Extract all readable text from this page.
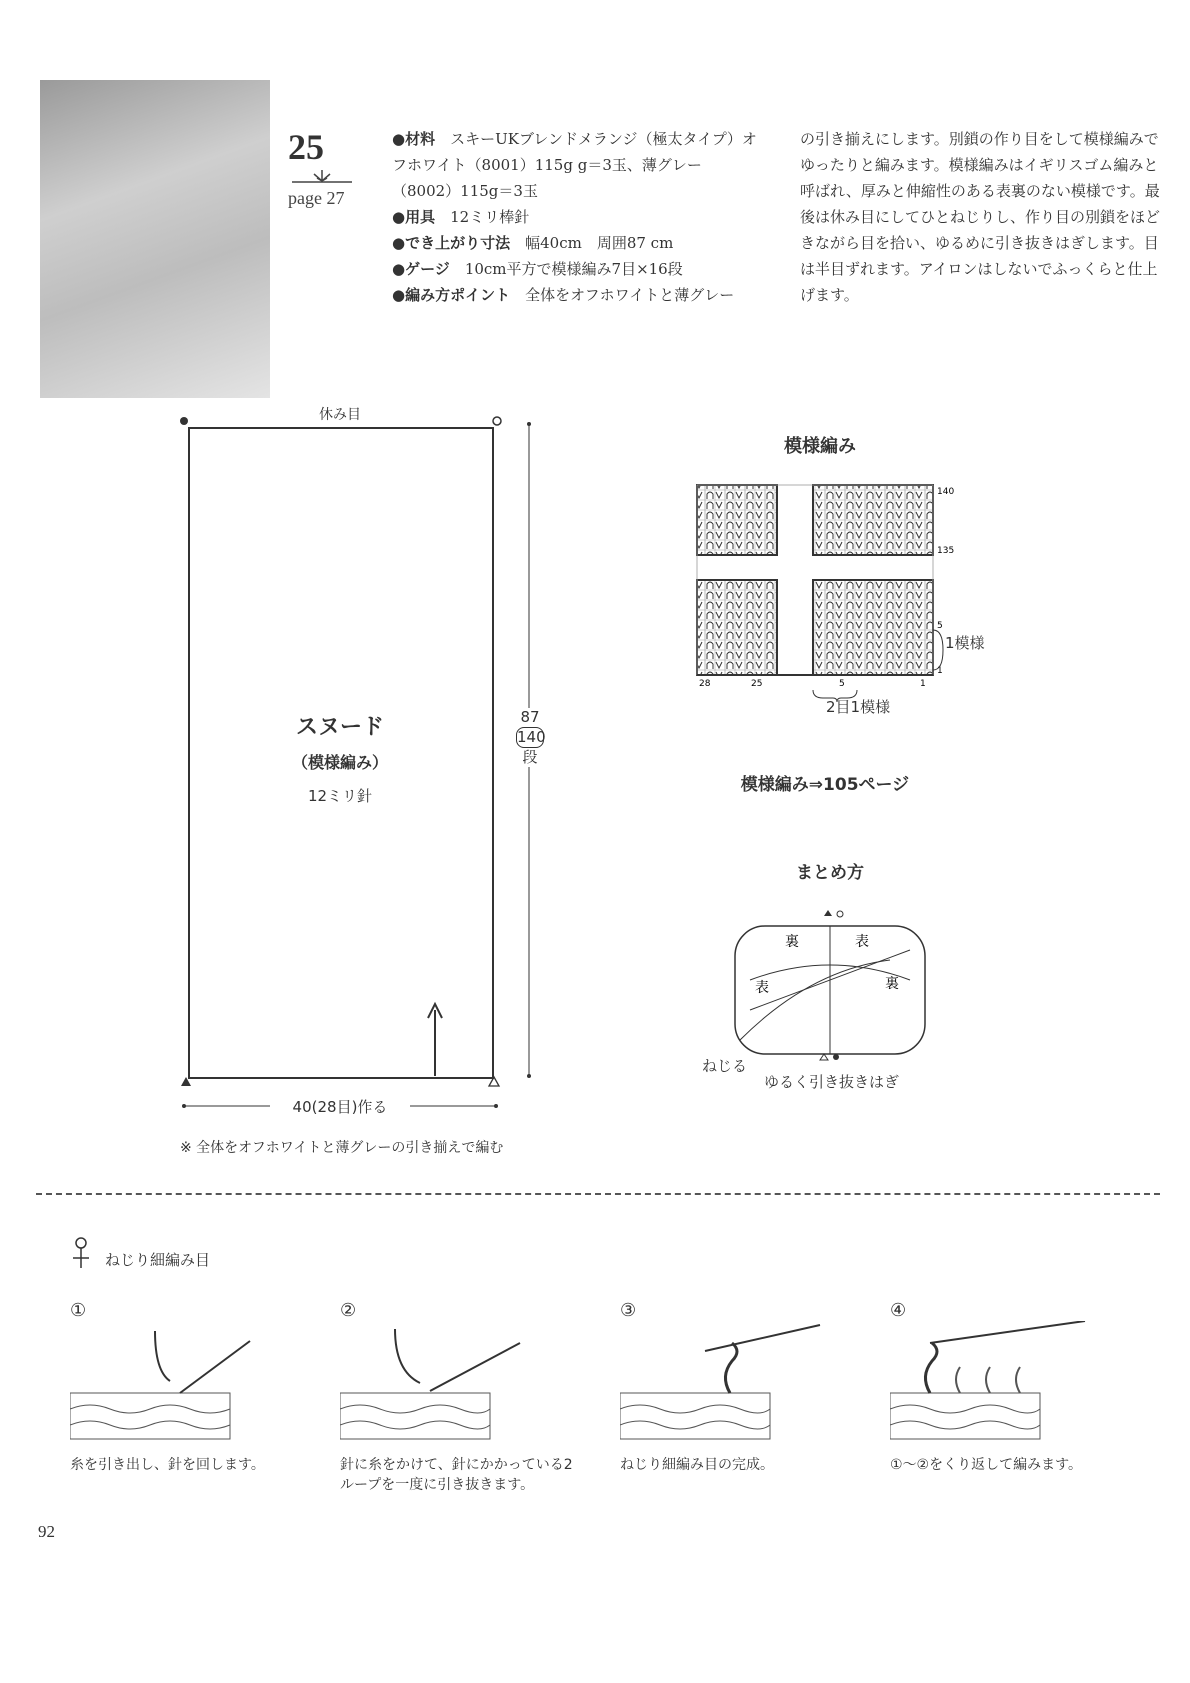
25
page 27

●材料　 スキーUKブレンドメランジ（極太タイプ）オフホワイト（8001）115g g＝3玉、薄グレー（8002）115g＝3玉

●用具　 12ミリ棒針

●でき上がり寸法　 幅40cm　周囲87 cm

●ゲージ　 10cm平方で模様編み7目×16段

●編み方ポイント　 全体をオフホワイトと薄グレー

の引き揃えにします。別鎖の作り目をして模様編みでゆったりと編みます。模様編みはイギリスゴム編みと呼ばれ、厚みと伸縮性のある表裏のない模様です。最後は休み目にしてひとねじりし、作り目の別鎖をほどきながら目を拾い、ゆるめに引き抜きはぎします。目は半目ずれます。アイロンはしないでふっくらと仕上げます。

休み目
スヌード
（模様編み）
12ミリ針
87
140
段
40(28目)作る
※ 全体をオフホワイトと薄グレーの引き揃えで編む
模様編み
140
135
5
1
28	25	5	1
1模様
2目1模様
模様編み⇒105ページ
まとめ方
裏	表
表	裏
ねじる
ゆるく引き抜きはぎ
ねじり細編み目
①
糸を引き出し、針を回します。
②
針に糸をかけて、針にかかっている2ループを一度に引き抜きます。
③
ねじり細編み目の完成。
④
①〜②をくり返して編みます。
92
